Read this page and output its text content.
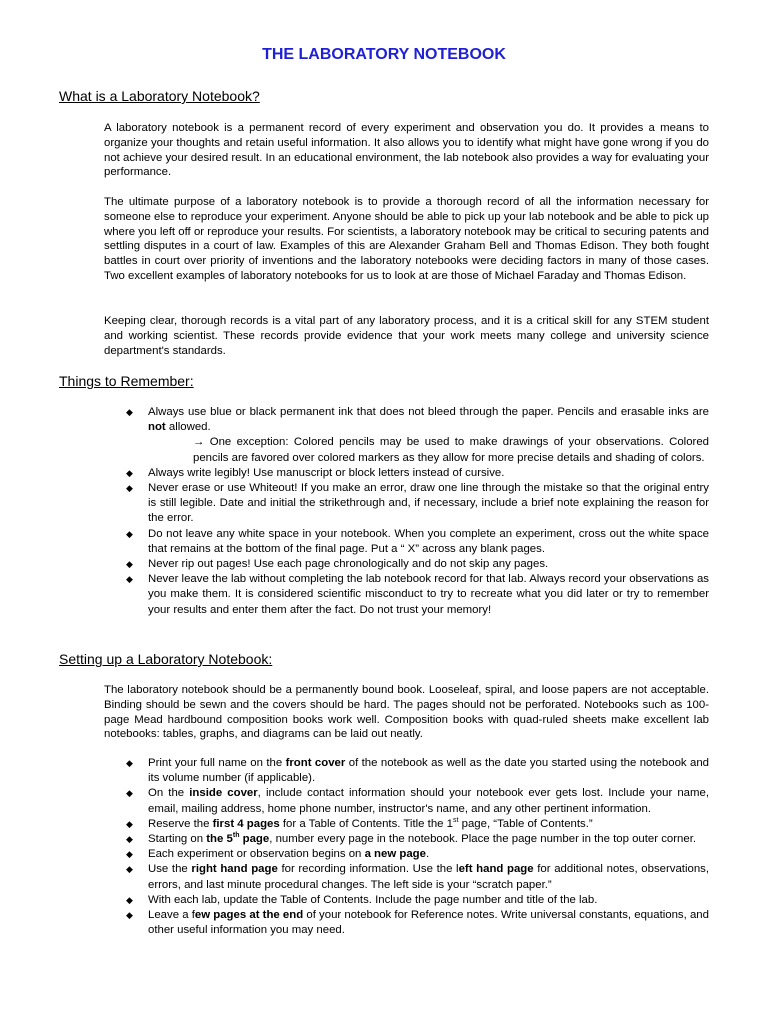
THE LABORATORY NOTEBOOK
What is a Laboratory Notebook?

A laboratory notebook is a permanent record of every experiment and observation you do. It provides a means to organize your thoughts and retain useful information. It also allows you to identify what might have gone wrong if you do not achieve your desired result. In an educational environment, the lab notebook also provides a way for evaluating your performance.

The ultimate purpose of a laboratory notebook is to provide a thorough record of all the information necessary for someone else to reproduce your experiment. Anyone should be able to pick up your lab notebook and be able to pick up where you left off or reproduce your results. For scientists, a laboratory notebook may be critical to securing patents and settling disputes in a court of law. Examples of this are Alexander Graham Bell and Thomas Edison. They both fought battles in court over priority of inventions and the laboratory notebooks were deciding factors in many of those cases. Two excellent examples of laboratory notebooks for us to look at are those of Michael Faraday and Thomas Edison.

Keeping clear, thorough records is a vital part of any laboratory process, and it is a critical skill for any STEM student and working scientist. These records provide evidence that your work meets many college and university science department's standards.

Things to Remember:
◆ Always use blue or black permanent ink that does not bleed through the paper. Pencils and erasable inks are not allowed.
→ One exception: Colored pencils may be used to make drawings of your observations. Colored pencils are favored over colored markers as they allow for more precise details and shading of colors.
◆ Always write legibly! Use manuscript or block letters instead of cursive.
◆ Never erase or use Whiteout! If you make an error, draw one line through the mistake so that the original entry is still legible. Date and initial the strikethrough and, if necessary, include a brief note explaining the reason for the error.
◆ Do not leave any white space in your notebook. When you complete an experiment, cross out the white space that remains at the bottom of the final page. Put a “ X” across any blank pages.
◆ Never rip out pages! Use each page chronologically and do not skip any pages.
◆ Never leave the lab without completing the lab notebook record for that lab. Always record your observations as you make them. It is considered scientific misconduct to try to recreate what you did later or try to remember your results and enter them after the fact. Do not trust your memory!
Setting up a Laboratory Notebook:

The laboratory notebook should be a permanently bound book. Looseleaf, spiral, and loose papers are not acceptable. Binding should be sewn and the covers should be hard. The pages should not be perforated. Notebooks such as 100-page Mead hardbound composition books work well. Composition books with quad-ruled sheets make excellent lab notebooks: tables, graphs, and diagrams can be laid out neatly.

◆ Print your full name on the front cover of the notebook as well as the date you started using the notebook and its volume number (if applicable).
◆ On the inside cover, include contact information should your notebook ever gets lost. Include your name, email, mailing address, home phone number, instructor's name, and any other pertinent information.
◆ Reserve the first 4 pages for a Table of Contents. Title the 1st page, “Table of Contents.”
◆ Starting on the 5th page, number every page in the notebook. Place the page number in the top outer corner.
◆ Each experiment or observation begins on a new page.
◆ Use the right hand page for recording information. Use the left hand page for additional notes, observations, errors, and last minute procedural changes. The left side is your “scratch paper.”
◆ With each lab, update the Table of Contents. Include the page number and title of the lab.
◆ Leave a few pages at the end of your notebook for Reference notes. Write universal constants, equations, and other useful information you may need.
